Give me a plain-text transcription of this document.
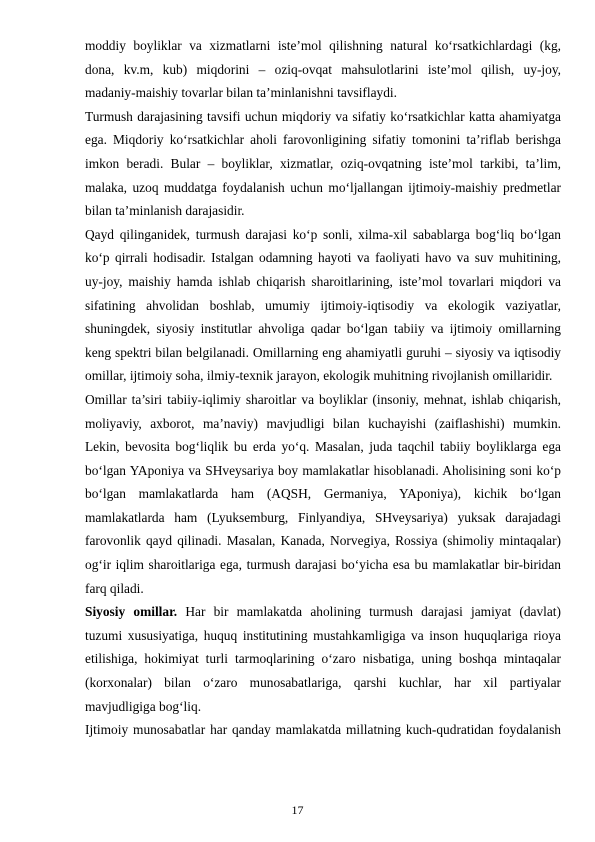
moddiy boyliklar va xizmatlarni iste’mol qilishning natural ko‘rsatkichlardagi (kg,
dona, kv.m, kub) miqdorini – oziq-ovqat mahsulotlarini iste’mol qilish, uy-joy,
madaniy-maishiy tovarlar bilan ta’minlanishni tavsiflaydi.
Turmush darajasining tavsifi uchun miqdoriy va sifatiy ko‘rsatkichlar katta ahamiyatga
ega. Miqdoriy ko‘rsatkichlar aholi farovonligining sifatiy tomonini ta’riflab berishga
imkon beradi. Bular – boyliklar, xizmatlar, oziq-ovqatning iste’mol tarkibi, ta’lim,
malaka, uzoq muddatga foydalanish uchun mo‘ljallangan ijtimoiy-maishiy predmetlar
bilan ta’minlanish darajasidir.
Qayd qilinganidek, turmush darajasi ko‘p sonli, xilma-xil sabablarga bog‘liq bo‘lgan
ko‘p qirrali hodisadir. Istalgan odamning hayoti va faoliyati havo va suv muhitining,
uy-joy, maishiy hamda ishlab chiqarish sharoitlarining, iste’mol tovarlari miqdori va
sifatining ahvolidan boshlab, umumiy ijtimoiy-iqtisodiy va ekologik vaziyatlar,
shuningdek, siyosiy institutlar ahvoliga qadar bo‘lgan tabiiy va ijtimoiy omillarning
keng spektri bilan belgilanadi. Omillarning eng ahamiyatli guruhi – siyosiy va iqtisodiy
omillar, ijtimoiy soha, ilmiy-texnik jarayon, ekologik muhitning rivojlanish omillaridir.
Omillar ta’siri tabiiy-iqlimiy sharoitlar va boyliklar (insoniy, mehnat, ishlab chiqarish,
moliyaviy, axborot, ma’naviy) mavjudligi bilan kuchayishi (zaiflashishi) mumkin.
Lekin, bevosita bog‘liqlik bu erda yo‘q. Masalan, juda taqchil tabiiy boyliklarga ega
bo‘lgan YAponiya va SHveysariya boy mamlakatlar hisoblanadi. Aholisining soni ko‘p
bo‘lgan mamlakatlarda ham (AQSH, Germaniya, YAponiya), kichik bo‘lgan
mamlakatlarda ham (Lyuksemburg, Finlyandiya, SHveysariya) yuksak darajadagi
farovonlik qayd qilinadi. Masalan, Kanada, Norvegiya, Rossiya (shimoliy mintaqalar)
og‘ir iqlim sharoitlariga ega, turmush darajasi bo‘yicha esa bu mamlakatlar bir-biridan
farq qiladi.
Siyosiy omillar. Har bir mamlakatda aholining turmush darajasi jamiyat (davlat)
tuzumi xususiyatiga, huquq institutining mustahkamligiga va inson huquqlariga rioya
etilishiga, hokimiyat turli tarmoqlarining o‘zaro nisbatiga, uning boshqa mintaqalar
(korxonalar) bilan o‘zaro munosabatlariga, qarshi kuchlar, har xil partiyalar
mavjudligiga bog‘liq.
Ijtimoiy munosabatlar har qanday mamlakatda millatning kuch-qudratidan foydalanish
17
